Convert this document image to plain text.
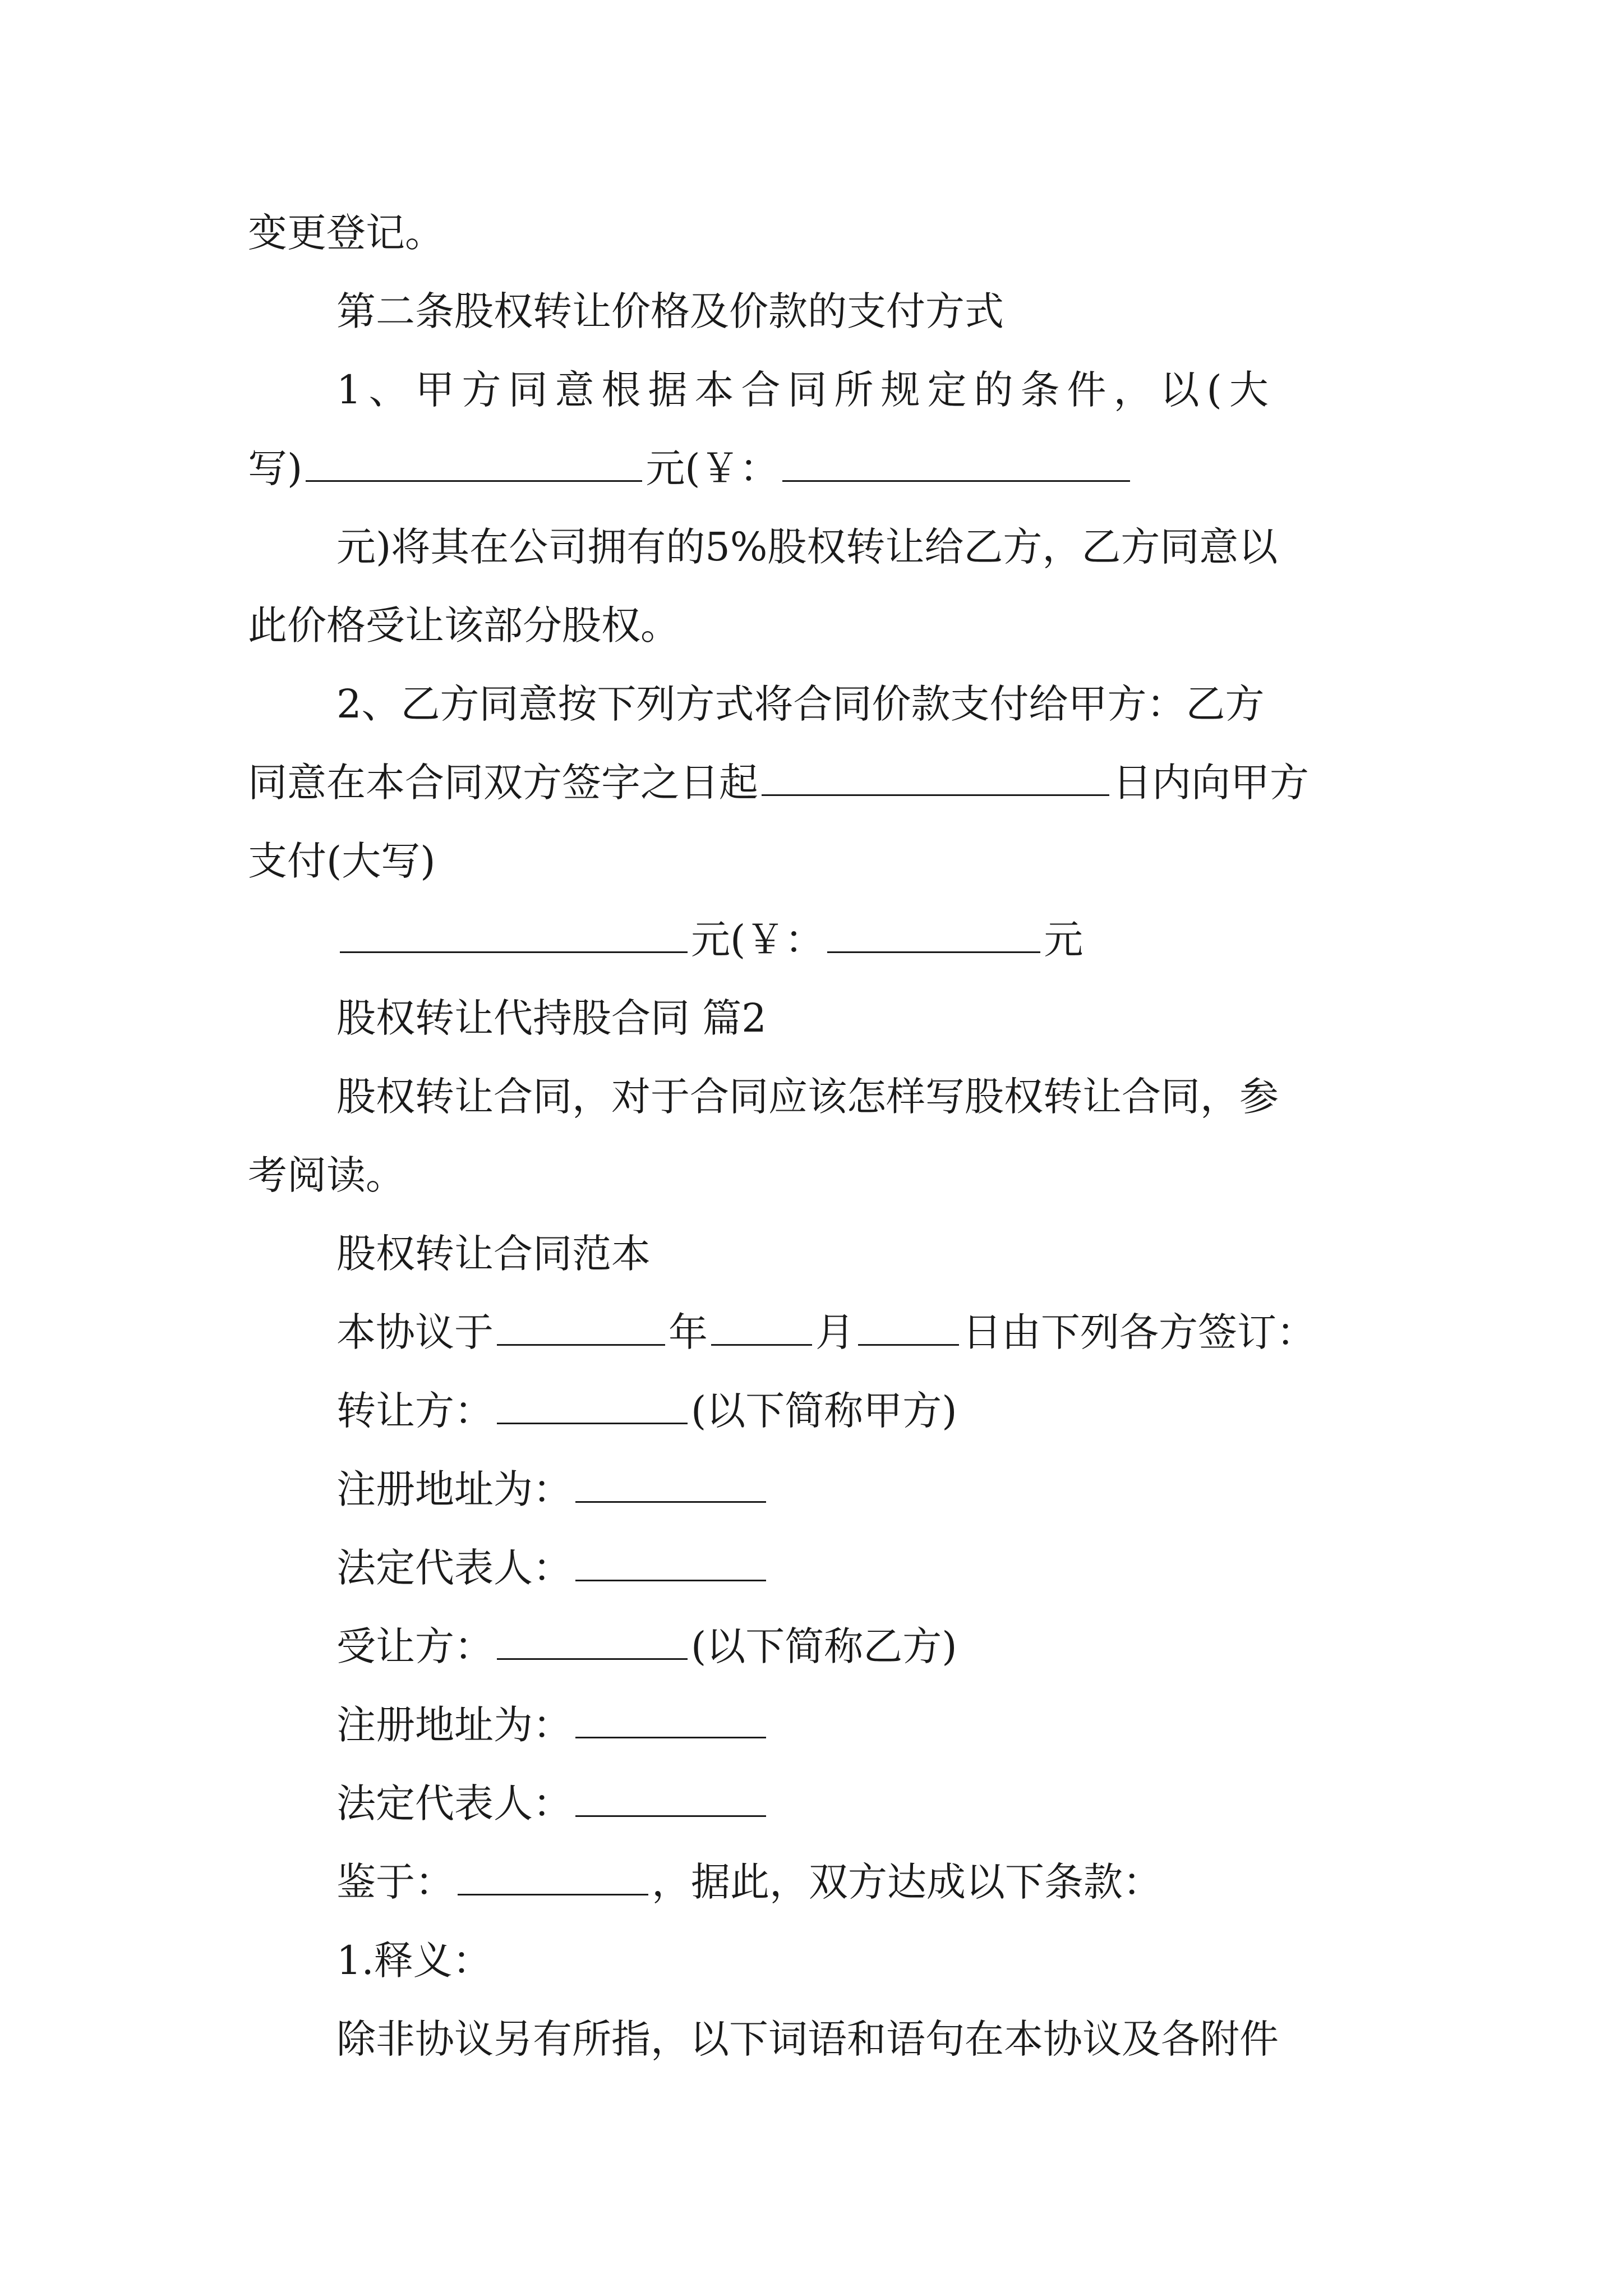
变更登记。
第二条股权转让价格及价款的支付方式
1、甲方同意根据本合同所规定的条件，以(大
写)	元(￥：
元)将其在公司拥有的5%股权转让给乙方，乙方同意以
此价格受让该部分股权。
2、乙方同意按下列方式将合同价款支付给甲方：乙方
同意在本合同双方签字之日起	日内向甲方
支付(大写)
元(￥：	元
股权转让代持股合同 篇2
股权转让合同，对于合同应该怎样写股权转让合同，参
考阅读。
股权转让合同范本
本协议于	年	月	日由下列各方签订：
转让方：	(以下简称甲方)
注册地址为：
法定代表人：
受让方：	(以下简称乙方)
注册地址为：
法定代表人：
鉴于：	，据此，双方达成以下条款：
1.释义：
除非协议另有所指，以下词语和语句在本协议及各附件
